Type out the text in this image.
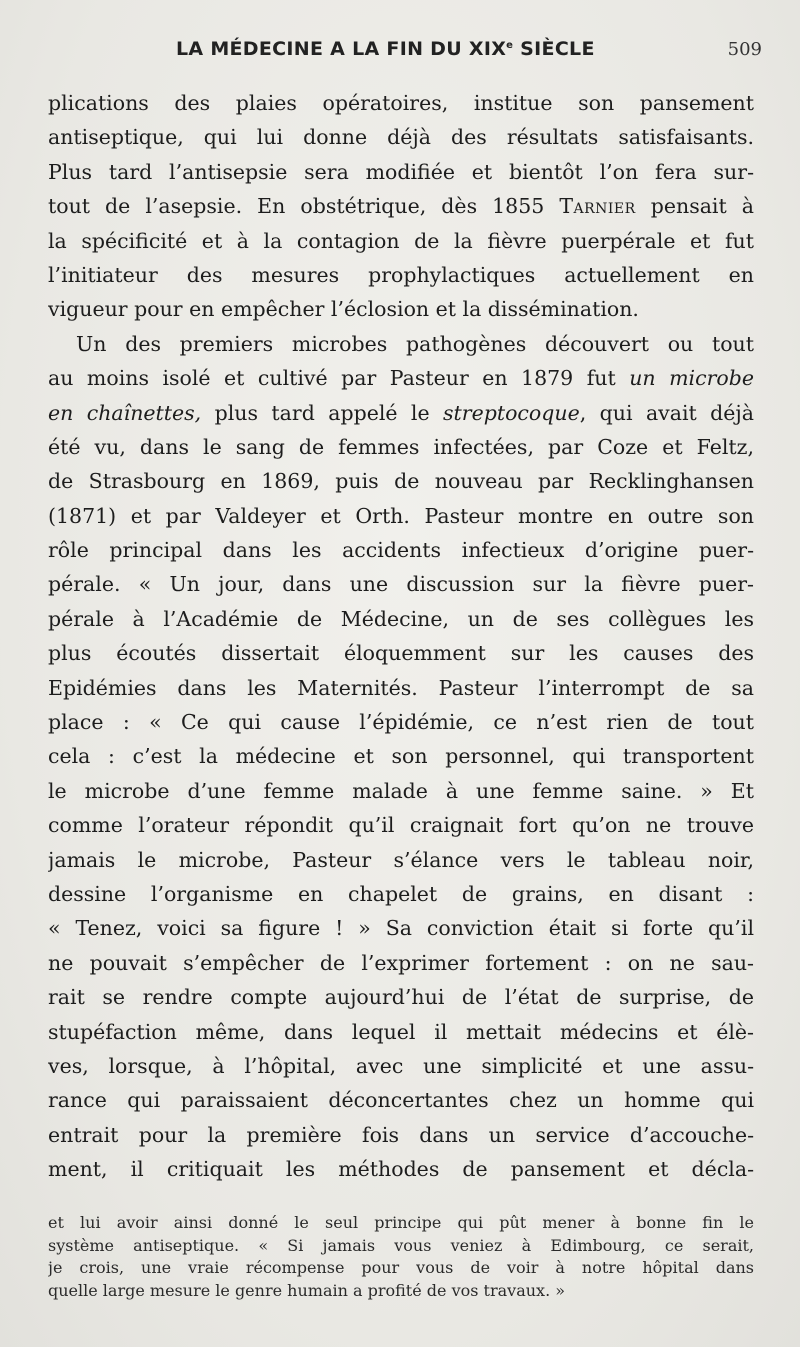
LA MÉDECINE A LA FIN DU XIXe SIÈCLE	509
plications des plaies opératoires, institue son pansement
antiseptique, qui lui donne déjà des résultats satisfaisants.
Plus tard l’antisepsie sera modifiée et bientôt l’on fera sur-
tout de l’asepsie. En obstétrique, dès 1855 Tarnier pensait à
la spécificité et à la contagion de la fièvre puerpérale et fut
l’initiateur des mesures prophylactiques actuellement en
vigueur pour en empêcher l’éclosion et la dissémination.
Un des premiers microbes pathogènes découvert ou tout
au moins isolé et cultivé par Pasteur en 1879 fut un microbe
en chaînettes, plus tard appelé le streptocoque, qui avait déjà
été vu, dans le sang de femmes infectées, par Coze et Feltz,
de Strasbourg en 1869, puis de nouveau par Recklinghansen
(1871) et par Valdeyer et Orth. Pasteur montre en outre son
rôle principal dans les accidents infectieux d’origine puer-
pérale. « Un jour, dans une discussion sur la fièvre puer-
pérale à l’Académie de Médecine, un de ses collègues les
plus écoutés dissertait éloquemment sur les causes des
Epidémies dans les Maternités. Pasteur l’interrompt de sa
place : « Ce qui cause l’épidémie, ce n’est rien de tout
cela : c’est la médecine et son personnel, qui transportent
le microbe d’une femme malade à une femme saine. » Et
comme l’orateur répondit qu’il craignait fort qu’on ne trouve
jamais le microbe, Pasteur s’élance vers le tableau noir,
dessine l’organisme en chapelet de grains, en disant :
« Tenez, voici sa figure ! » Sa conviction était si forte qu’il
ne pouvait s’empêcher de l’exprimer fortement : on ne sau-
rait se rendre compte aujourd’hui de l’état de surprise, de
stupéfaction même, dans lequel il mettait médecins et élè-
ves, lorsque, à l’hôpital, avec une simplicité et une assu-
rance qui paraissaient déconcertantes chez un homme qui
entrait pour la première fois dans un service d’accouche-
ment, il critiquait les méthodes de pansement et décla-
et lui avoir ainsi donné le seul principe qui pût mener à bonne fin le
système antiseptique. « Si jamais vous veniez à Edimbourg, ce serait,
je crois, une vraie récompense pour vous de voir à notre hôpital dans
quelle large mesure le genre humain a profité de vos travaux. »
